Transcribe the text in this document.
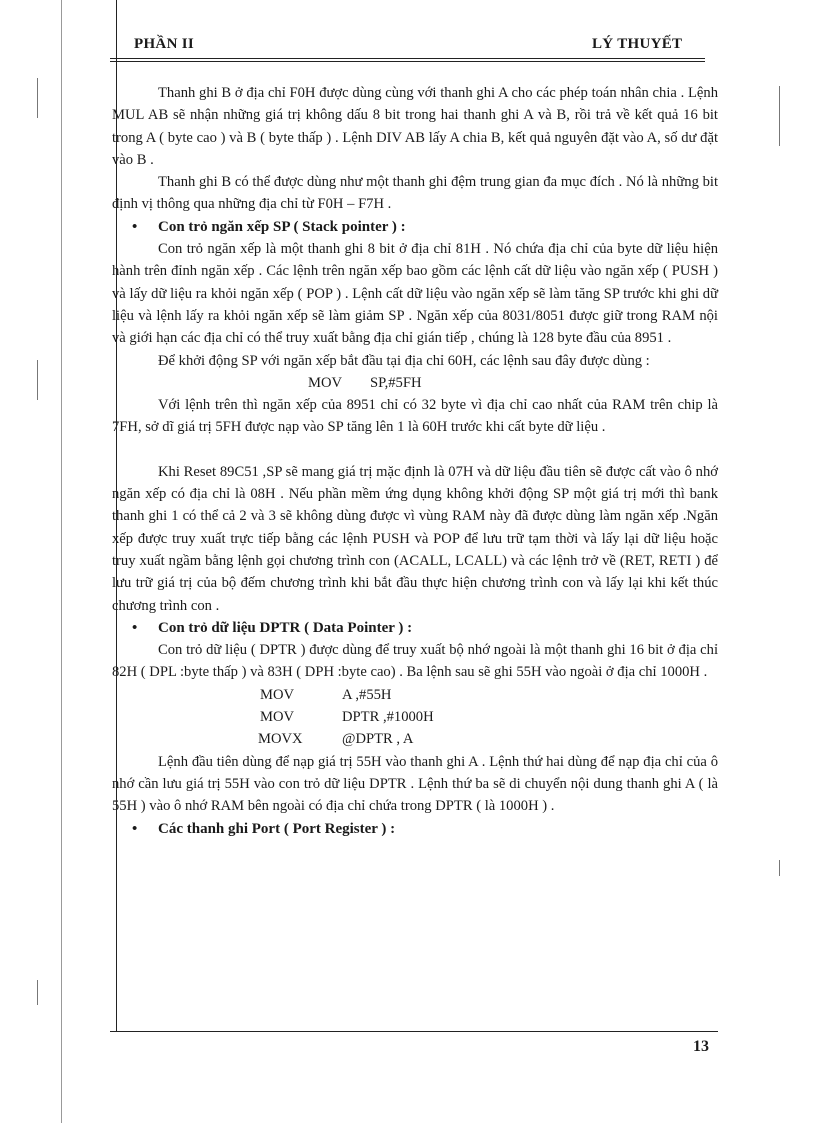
PHẦN II	LÝ THUYẾT

Thanh ghi B ở địa chỉ F0H được dùng cùng với thanh ghi A cho các phép toán nhân chia . Lệnh MUL AB sẽ nhận những giá trị không dấu 8 bit trong hai thanh ghi A và B, rồi trả về kết quả 16 bit trong A ( byte cao ) và B ( byte thấp ) . Lệnh DIV AB lấy A chia B, kết quả nguyên đặt vào A, số dư đặt vào B .

Thanh ghi B có thể được dùng như một thanh ghi đệm trung gian đa mục đích . Nó là những bit định vị thông qua những địa chỉ từ F0H – F7H .

• Con trỏ ngăn xếp SP ( Stack pointer ) :

Con trỏ ngăn xếp là một thanh ghi 8 bit ở địa chỉ 81H . Nó chứa địa chỉ của byte dữ liệu hiện hành trên đỉnh ngăn xếp . Các lệnh trên ngăn xếp bao gồm các lệnh cất dữ liệu vào ngăn xếp ( PUSH ) và lấy dữ liệu ra khỏi ngăn xếp ( POP ) . Lệnh cất dữ liệu vào ngăn xếp sẽ làm tăng SP trước khi ghi dữ liệu và lệnh lấy ra khỏi ngăn xếp sẽ làm giảm SP . Ngăn xếp của 8031/8051 được giữ trong RAM nội và giới hạn các địa chỉ có thể truy xuất bằng địa chỉ gián tiếp , chúng là 128 byte đầu của 8951 .

Để khởi động SP với ngăn xếp bắt đầu tại địa chỉ 60H, các lệnh sau đây được dùng :

MOV SP,#5FH

Với lệnh trên thì ngăn xếp của 8951 chỉ có 32 byte vì địa chỉ cao nhất của RAM trên chip là 7FH, sở dĩ giá trị 5FH được nạp vào SP tăng lên 1 là 60H trước khi cất byte dữ liệu .

Khi Reset 89C51 ,SP sẽ mang giá trị mặc định là 07H và dữ liệu đầu tiên sẽ được cất vào ô nhớ ngăn xếp có địa chỉ là 08H . Nếu phần mềm ứng dụng không khởi động SP một giá trị mới thì bank thanh ghi 1 có thể cả 2 và 3 sẽ không dùng được vì vùng RAM này đã được dùng làm ngăn xếp .Ngăn xếp được truy xuất trực tiếp bằng các lệnh PUSH và POP để lưu trữ tạm thời và lấy lại dữ liệu hoặc truy xuất ngầm bằng lệnh gọi chương trình con (ACALL, LCALL) và các lệnh trở về (RET, RETI ) để lưu trữ giá trị của bộ đếm chương trình khi bắt đầu thực hiện chương trình con và lấy lại khi kết thúc chương trình con .

• Con trỏ dữ liệu DPTR ( Data Pointer ) :

Con trỏ dữ liệu ( DPTR ) được dùng để truy xuất bộ nhớ ngoài là một thanh ghi 16 bit ở địa chỉ 82H ( DPL :byte thấp ) và 83H ( DPH :byte cao) . Ba lệnh sau sẽ ghi 55H vào ngoài ở địa chỉ 1000H .

MOV	A ,#55H
MOV	DPTR ,#1000H
MOVX	@DPTR , A

Lệnh đầu tiên dùng để nạp giá trị 55H vào thanh ghi A . Lệnh thứ hai dùng để nạp địa chỉ của ô nhớ cần lưu giá trị 55H vào con trỏ dữ liệu DPTR . Lệnh thứ ba sẽ di chuyển nội dung thanh ghi A ( là 55H ) vào ô nhớ RAM bên ngoài có địa chỉ chứa trong DPTR ( là 1000H ) .

• Các thanh ghi Port ( Port Register ) :

13
